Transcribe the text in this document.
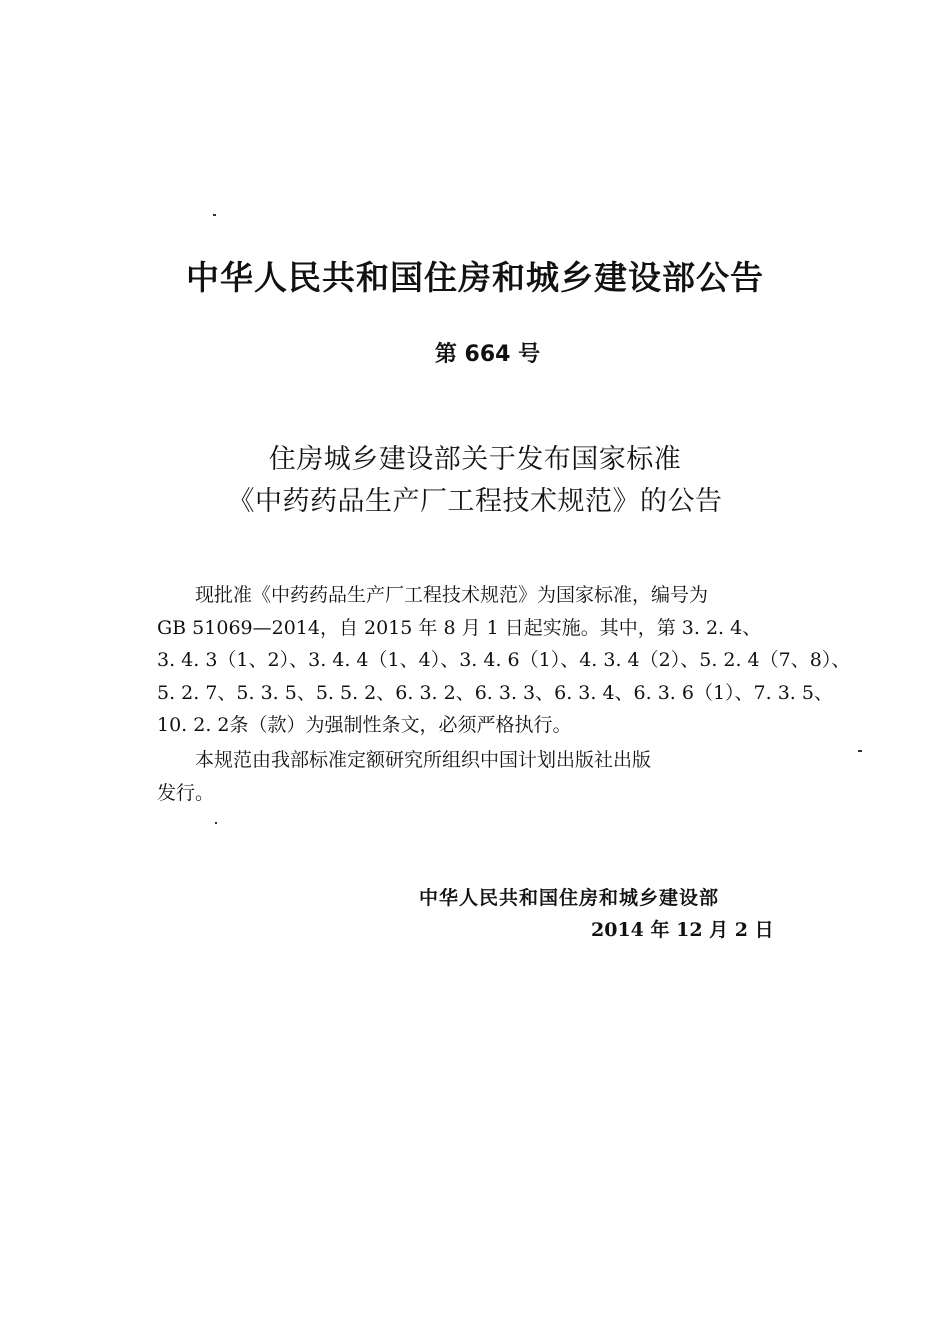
中华人民共和国住房和城乡建设部公告
第 664 号
住房城乡建设部关于发布国家标准
《中药药品生产厂工程技术规范》的公告
现批准《中药药品生产厂工程技术规范》为国家标准，编号为
GB 51069—2014，自 2015 年 8 月 1 日起实施。其中，第 3. 2. 4、
3. 4. 3（1、2）、3. 4. 4（1、4）、3. 4. 6（1）、4. 3. 4（2）、5. 2. 4（7、8）、
5. 2. 7、5. 3. 5、5. 5. 2、6. 3. 2、6. 3. 3、6. 3. 4、6. 3. 6（1）、7. 3. 5、
10. 2. 2条（款）为强制性条文，必须严格执行。
本规范由我部标准定额研究所组织中国计划出版社出版
发行。
中华人民共和国住房和城乡建设部
2014 年 12 月 2 日
